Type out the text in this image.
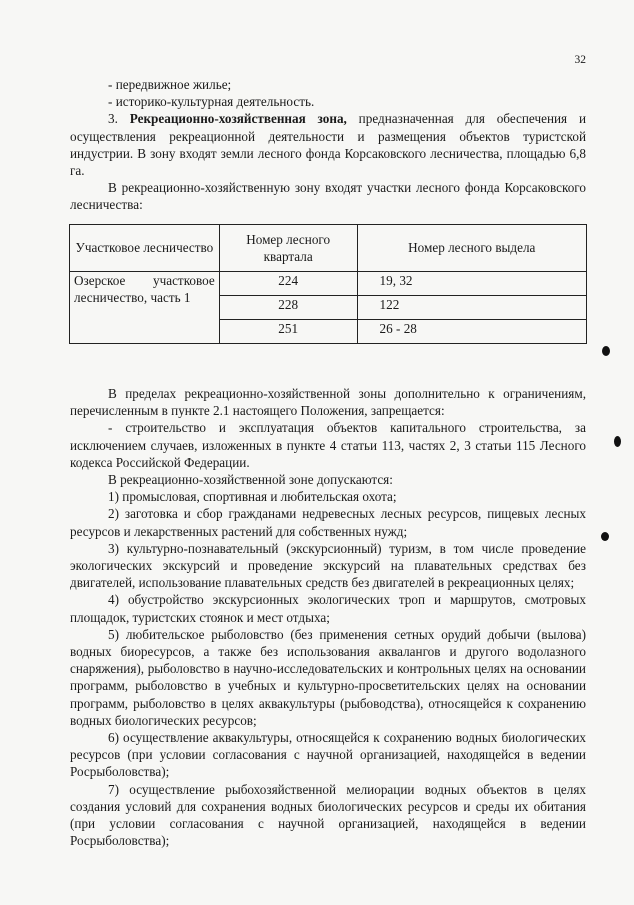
32

- передвижное жилье;

- историко-культурная деятельность.

3. Рекреационно-хозяйственная зона, предназначенная для обеспечения и осуществления рекреационной деятельности и размещения объектов туристской индустрии. В зону входят земли лесного фонда Корсаковского лесничества, площадью 6,8 га.

В рекреационно-хозяйственную зону входят участки лесного фонда Корсаковского лесничества:

Участковое лесничество	Номер лесного квартала	Номер лесного выдела

Озерское участковое
лесничество, часть 1	224	19, 32
	228	122
	251	26 - 28

В пределах рекреационно-хозяйственной зоны дополнительно к ограничениям, перечисленным в пункте 2.1 настоящего Положения, запрещается:

- строительство и эксплуатация объектов капитального строительства, за исключением случаев, изложенных в пункте 4 статьи 113, частях 2, 3 статьи 115 Лесного кодекса Российской Федерации.

В рекреационно-хозяйственной зоне допускаются:

1) промысловая, спортивная и любительская охота;

2) заготовка и сбор гражданами недревесных лесных ресурсов, пищевых лесных ресурсов и лекарственных растений для собственных нужд;

3) культурно-познавательный (экскурсионный) туризм, в том числе проведение экологических экскурсий и проведение экскурсий на плавательных средствах без двигателей, использование плавательных средств без двигателей в рекреационных целях;

4) обустройство экскурсионных экологических троп и маршрутов, смотровых площадок, туристских стоянок и мест отдыха;

5) любительское рыболовство (без применения сетных орудий добычи (вылова) водных биоресурсов, а также без использования аквалангов и другого водолазного снаряжения), рыболовство в научно-исследовательских и контрольных целях на основании программ, рыболовство в учебных и культурно-просветительских целях на основании программ, рыболовство в целях аквакультуры (рыбоводства), относящейся к сохранению водных биологических ресурсов;

6) осуществление аквакультуры, относящейся к сохранению водных биологических ресурсов (при условии согласования с научной организацией, находящейся в ведении Росрыболовства);

7) осуществление рыбохозяйственной мелиорации водных объектов в целях создания условий для сохранения водных биологических ресурсов и среды их обитания (при условии согласования с научной организацией, находящейся в ведении Росрыболовства);
